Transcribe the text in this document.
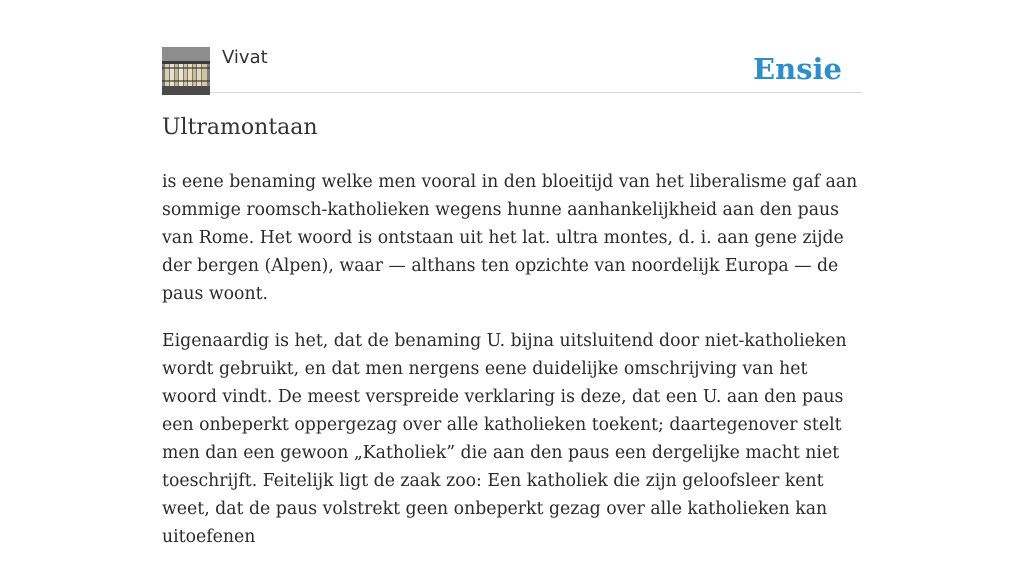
Vivat	Ensie
Ultramontaan

is eene benaming welke men vooral in den bloeitijd van het liberalisme gaf aan sommige roomsch-katholieken wegens hunne aanhankelijkheid aan den paus van Rome. Het woord is ontstaan uit het lat. ultra montes, d. i. aan gene zijde der bergen (Alpen), waar — althans ten opzichte van noordelijk Europa — de paus woont.

Eigenaardig is het, dat de benaming U. bijna uitsluitend door niet-katholieken wordt gebruikt, en dat men nergens eene duidelijke omschrijving van het woord vindt. De meest verspreide verklaring is deze, dat een U. aan den paus een onbeperkt oppergezag over alle katholieken toekent; daartegenover stelt men dan een gewoon „Katholiek” die aan den paus een dergelijke macht niet toeschrijft. Feitelijk ligt de zaak zoo: Een katholiek die zijn geloofsleer kent weet, dat de paus volstrekt geen onbeperkt gezag over alle katholieken kan uitoefenen
